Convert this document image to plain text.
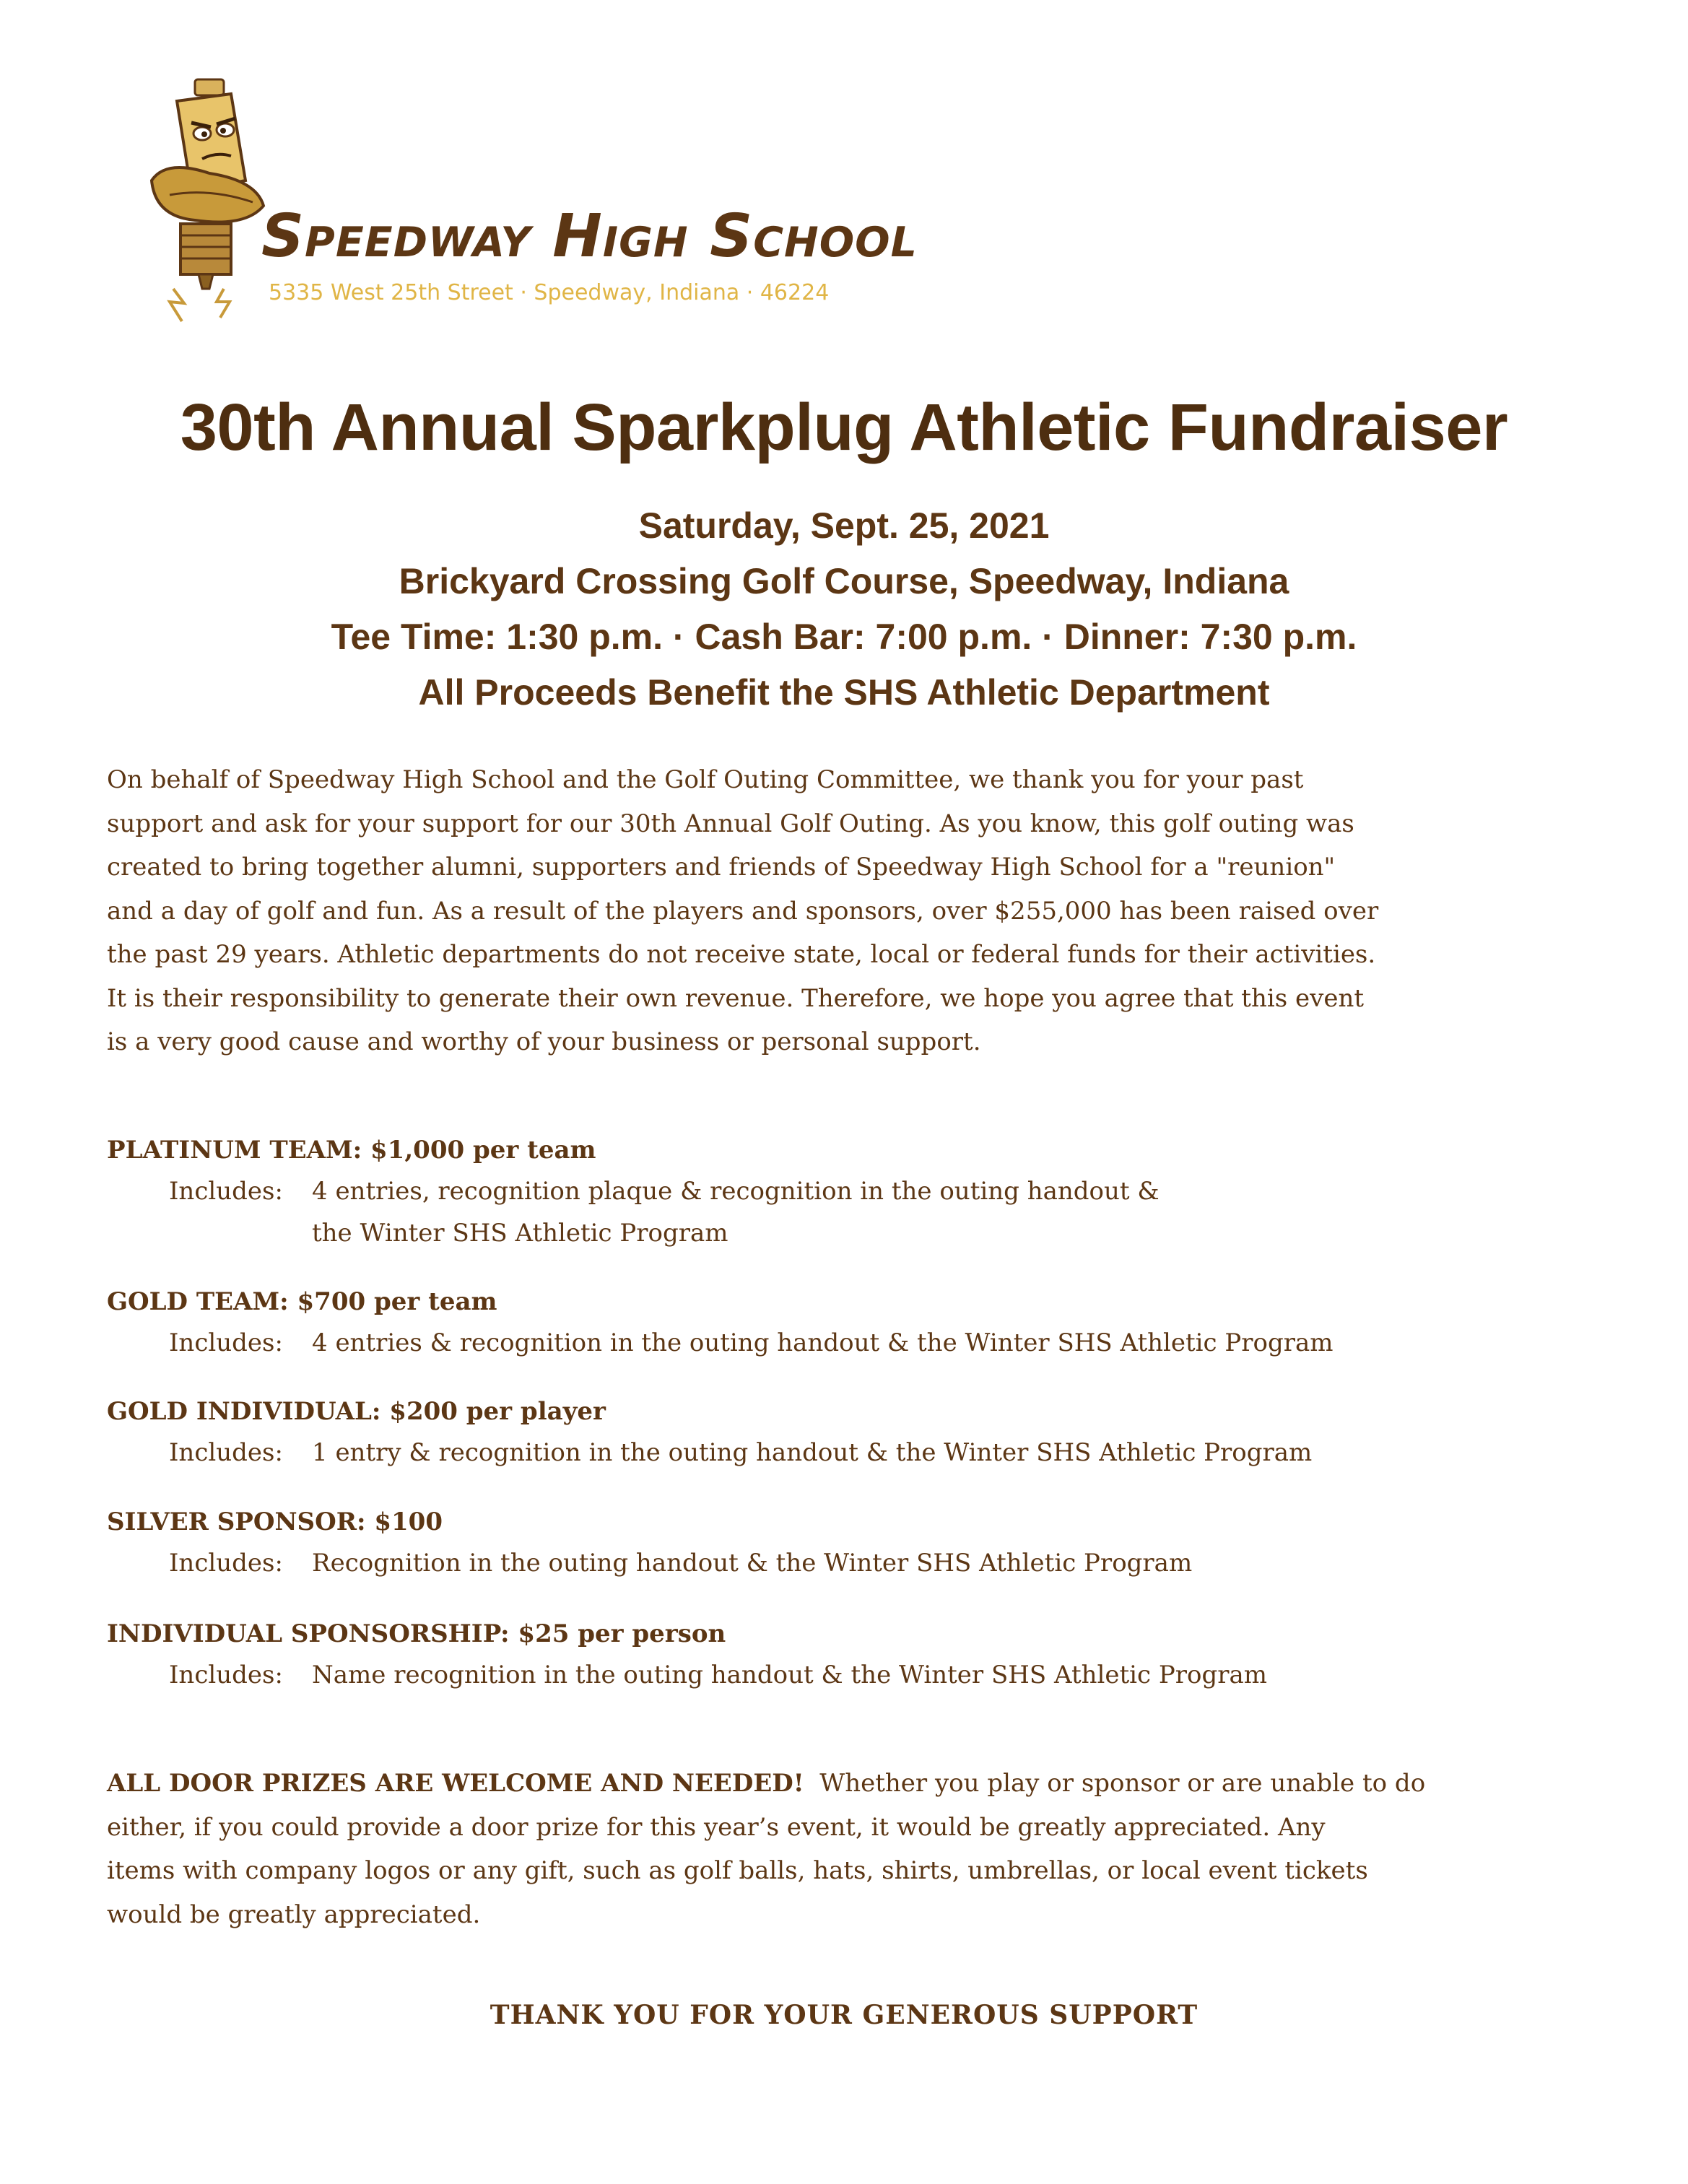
Speedway High School
5335 West 25th Street · Speedway, Indiana · 46224
30th Annual Sparkplug Athletic Fundraiser
Saturday, Sept. 25, 2021
Brickyard Crossing Golf Course, Speedway, Indiana
Tee Time: 1:30 p.m. · Cash Bar: 7:00 p.m. · Dinner: 7:30 p.m.
All Proceeds Benefit the SHS Athletic Department
On behalf of Speedway High School and the Golf Outing Committee, we thank you for your past
support and ask for your support for our 30th Annual Golf Outing. As you know, this golf outing was
created to bring together alumni, supporters and friends of Speedway High School for a "reunion"
and a day of golf and fun. As a result of the players and sponsors, over $255,000 has been raised over
the past 29 years. Athletic departments do not receive state, local or federal funds for their activities.
It is their responsibility to generate their own revenue. Therefore, we hope you agree that this event
is a very good cause and worthy of your business or personal support.
PLATINUM TEAM: $1,000 per team
Includes: 4 entries, recognition plaque & recognition in the outing handout &
the Winter SHS Athletic Program
GOLD TEAM: $700 per team
Includes: 4 entries & recognition in the outing handout & the Winter SHS Athletic Program
GOLD INDIVIDUAL: $200 per player
Includes: 1 entry & recognition in the outing handout & the Winter SHS Athletic Program
SILVER SPONSOR: $100
Includes: Recognition in the outing handout & the Winter SHS Athletic Program
INDIVIDUAL SPONSORSHIP: $25 per person
Includes: Name recognition in the outing handout & the Winter SHS Athletic Program
ALL DOOR PRIZES ARE WELCOME AND NEEDED!  Whether you play or sponsor or are unable to do
either, if you could provide a door prize for this year’s event, it would be greatly appreciated. Any
items with company logos or any gift, such as golf balls, hats, shirts, umbrellas, or local event tickets
would be greatly appreciated.
THANK YOU FOR YOUR GENEROUS SUPPORT
